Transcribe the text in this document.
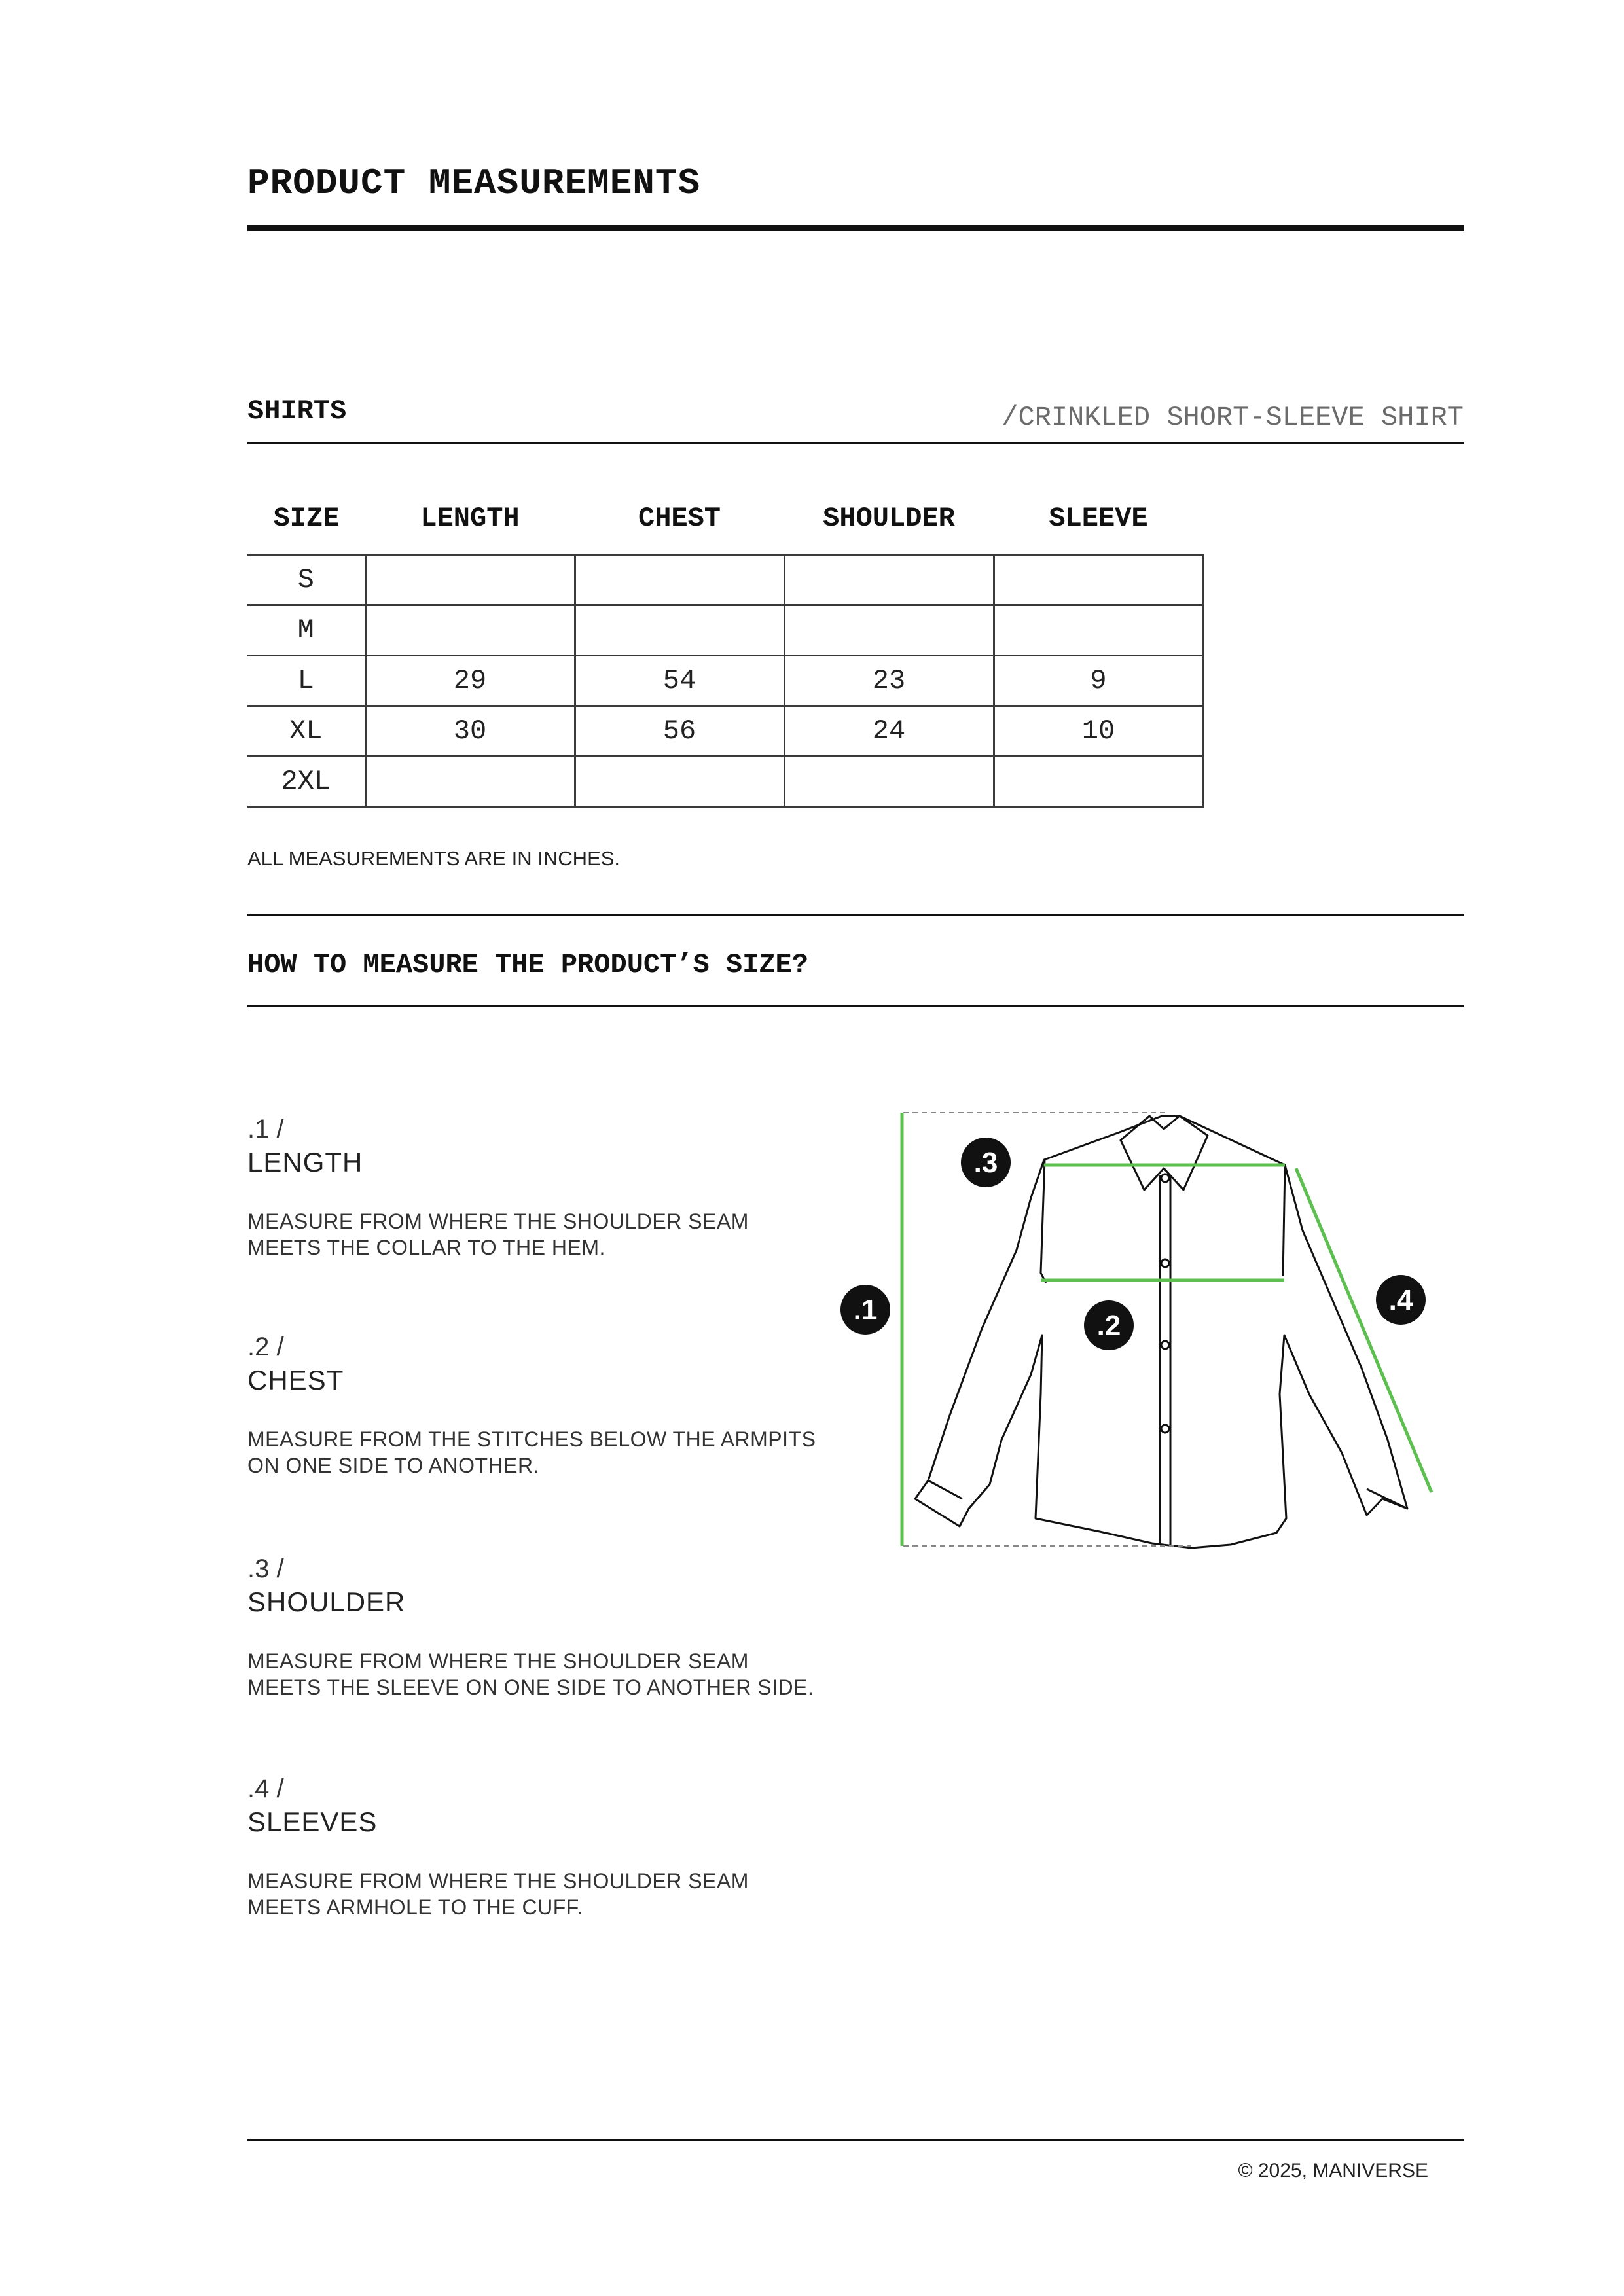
PRODUCT MEASUREMENTS
SHIRTS	/CRINKLED SHORT-SLEEVE SHIRT
SIZE	LENGTH	CHEST	SHOULDER	SLEEVE
S				
M				
L	29	54	23	9
XL	30	56	24	10
2XL				
ALL MEASUREMENTS ARE IN INCHES.
HOW TO MEASURE THE PRODUCT’S SIZE?
.1 /
LENGTH
MEASURE FROM WHERE THE SHOULDER SEAM MEETS THE COLLAR TO THE HEM.
.2 /
CHEST
MEASURE FROM THE STITCHES BELOW THE ARMPITS ON ONE SIDE TO ANOTHER.
.3 /
SHOULDER
MEASURE FROM WHERE THE SHOULDER SEAM MEETS THE SLEEVE ON ONE SIDE TO ANOTHER SIDE.
.4 /
SLEEVES
MEASURE FROM WHERE THE SHOULDER SEAM MEETS ARMHOLE TO THE CUFF.
.1	.2
.3
.4
© 2025, MANIVERSE
